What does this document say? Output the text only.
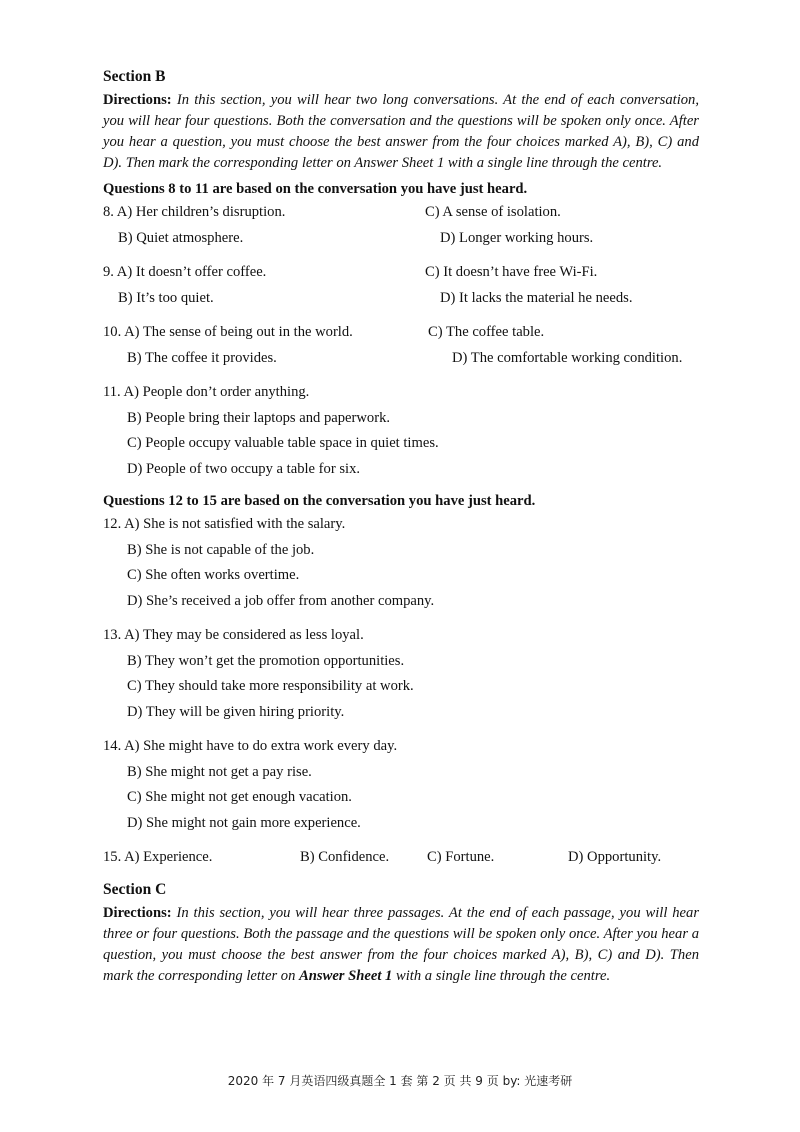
Section B
Directions: In this section, you will hear two long conversations. At the end of each conversation, you will hear four questions. Both the conversation and the questions will be spoken only once. After you hear a question, you must choose the best answer from the four choices marked A), B), C) and D). Then mark the corresponding letter on Answer Sheet 1 with a single line through the centre.
Questions 8 to 11 are based on the conversation you have just heard.
8. A) Her children’s disruption.	C) A sense of isolation.
B) Quiet atmosphere.	D) Longer working hours.
9. A) It doesn’t offer coffee.	C) It doesn’t have free Wi-Fi.
B) It’s too quiet.	D) It lacks the material he needs.
10. A) The sense of being out in the world.	C) The coffee table.
B) The coffee it provides.	D) The comfortable working condition.
11. A) People don’t order anything.
B) People bring their laptops and paperwork.
C) People occupy valuable table space in quiet times.
D) People of two occupy a table for six.
Questions 12 to 15 are based on the conversation you have just heard.
12. A) She is not satisfied with the salary.
B) She is not capable of the job.
C) She often works overtime.
D) She’s received a job offer from another company.
13. A) They may be considered as less loyal.
B) They won’t get the promotion opportunities.
C) They should take more responsibility at work.
D) They will be given hiring priority.
14. A) She might have to do extra work every day.
B) She might not get a pay rise.
C) She might not get enough vacation.
D) She might not gain more experience.
15. A) Experience.	B) Confidence.	C) Fortune.	D) Opportunity.
Section C
Directions: In this section, you will hear three passages. At the end of each passage, you will hear three or four questions. Both the passage and the questions will be spoken only once. After you hear a question, you must choose the best answer from the four choices marked A), B), C) and D). Then mark the corresponding letter on Answer Sheet 1 with a single line through the centre.
2020 年 7 月英语四级真题全 1 套 第 2 页 共 9 页 by: 光速考研
